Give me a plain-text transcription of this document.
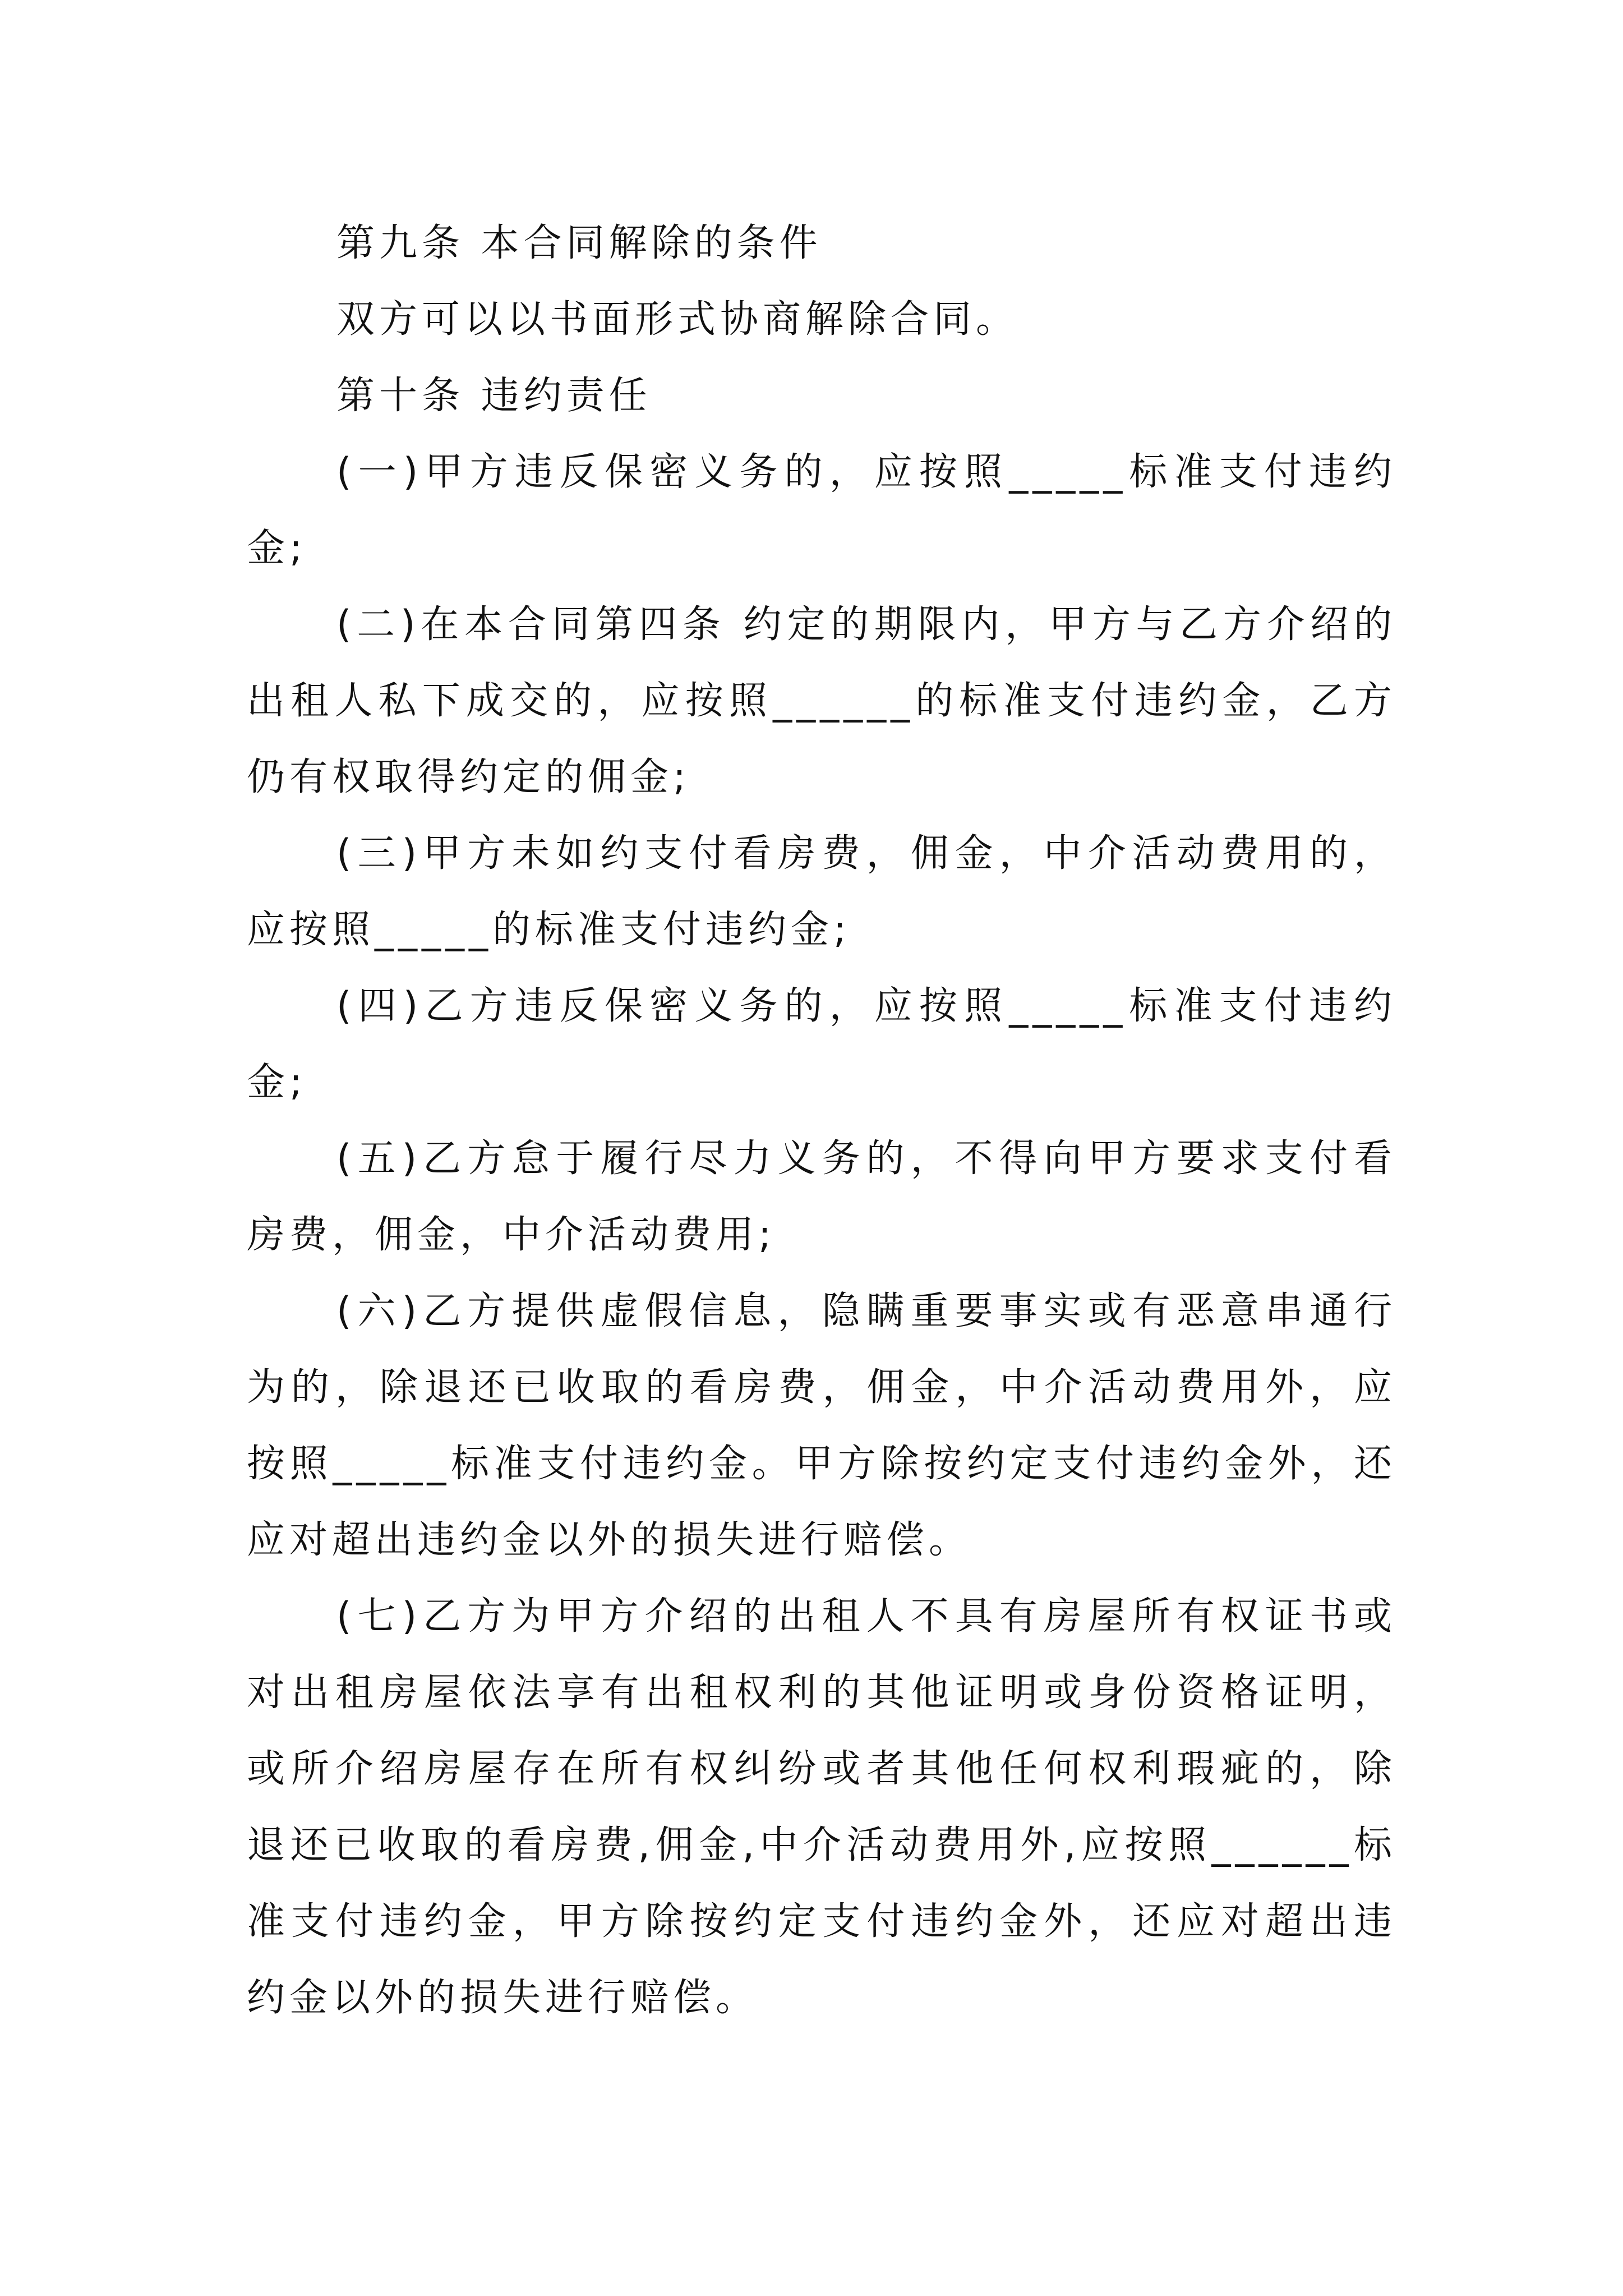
第九条 本合同解除的条件

双方可以以书面形式协商解除合同。

第十条 违约责任

(一)甲方违反保密义务的，应按照_____标准支付违约金;

(二)在本合同第四条 约定的期限内，甲方与乙方介绍的出租人私下成交的，应按照______的标准支付违约金，乙方仍有权取得约定的佣金;

(三)甲方未如约支付看房费，佣金，中介活动费用的，应按照_____的标准支付违约金;

(四)乙方违反保密义务的，应按照_____标准支付违约金;

(五)乙方怠于履行尽力义务的，不得向甲方要求支付看房费，佣金，中介活动费用;

(六)乙方提供虚假信息，隐瞒重要事实或有恶意串通行为的，除退还已收取的看房费，佣金，中介活动费用外，应按照_____标准支付违约金。甲方除按约定支付违约金外，还应对超出违约金以外的损失进行赔偿。

(七)乙方为甲方介绍的出租人不具有房屋所有权证书或对出租房屋依法享有出租权利的其他证明或身份资格证明，或所介绍房屋存在所有权纠纷或者其他任何权利瑕疵的，除退还已收取的看房费,佣金,中介活动费用外,应按照______标准支付违约金，甲方除按约定支付违约金外，还应对超出违约金以外的损失进行赔偿。
